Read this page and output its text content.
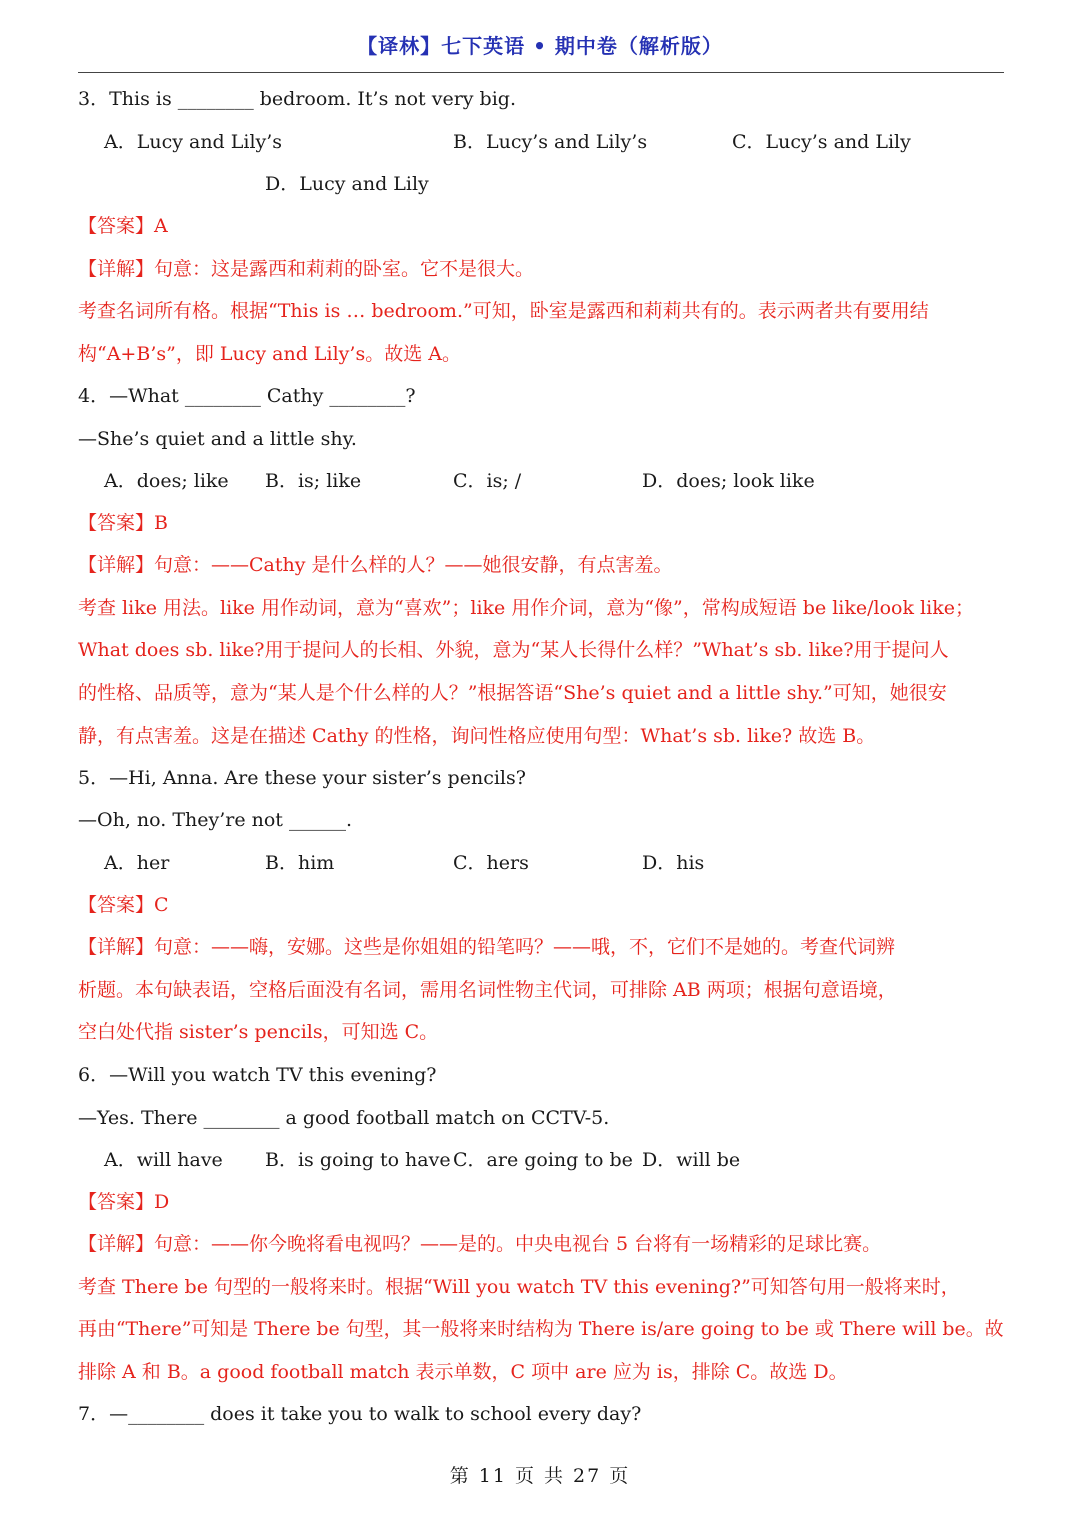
【译林】七下英语 • 期中卷（解析版）
3．This is ________ bedroom. It’s not very big.
A．Lucy and Lily’s	B．Lucy’s and Lily’s	C．Lucy’s and Lily
D．Lucy and Lily
【答案】A
【详解】句意：这是露西和莉莉的卧室。它不是很大。
考查名词所有格。根据“This is … bedroom.”可知，卧室是露西和莉莉共有的。表示两者共有要用结
构“A+B’s”，即 Lucy and Lily’s。故选 A。
4．—What ________ Cathy ________?
—She’s quiet and a little shy.
A．does; like B．is; like	C．is; /	D．does; look like
【答案】B
【详解】句意：——Cathy 是什么样的人？——她很安静，有点害羞。
考查 like 用法。like 用作动词，意为“喜欢”；like 用作介词，意为“像”，常构成短语 be like/look like；
What does sb. like?用于提问人的长相、外貌，意为“某人长得什么样？”What’s sb. like?用于提问人
的性格、品质等，意为“某人是个什么样的人？”根据答语“She’s quiet and a little shy.”可知，她很安
静，有点害羞。这是在描述 Cathy 的性格，询问性格应使用句型：What’s sb. like? 故选 B。
5．—Hi, Anna. Are these your sister’s pencils?
—Oh, no. They’re not ______.
A．her	B．him	C．hers	D．his
【答案】C
【详解】句意：——嗨，安娜。这些是你姐姐的铅笔吗？——哦，不，它们不是她的。考查代词辨
析题。本句缺表语，空格后面没有名词，需用名词性物主代词，可排除 AB 两项；根据句意语境，
空白处代指 sister’s pencils，可知选 C。
6．—Will you watch TV this evening?
—Yes. There ________ a good football match on CCTV-5.
A．will have B．is going to have C．are going to be D．will be
【答案】D
【详解】句意：——你今晚将看电视吗？——是的。中央电视台 5 台将有一场精彩的足球比赛。
考查 There be 句型的一般将来时。根据“Will you watch TV this evening?”可知答句用一般将来时，
再由“There”可知是 There be 句型，其一般将来时结构为 There is/are going to be 或 There will be。故
排除 A 和 B。a good football match 表示单数，C 项中 are 应为 is，排除 C。故选 D。
7．—________ does it take you to walk to school every day?
第 11 页 共 27 页
